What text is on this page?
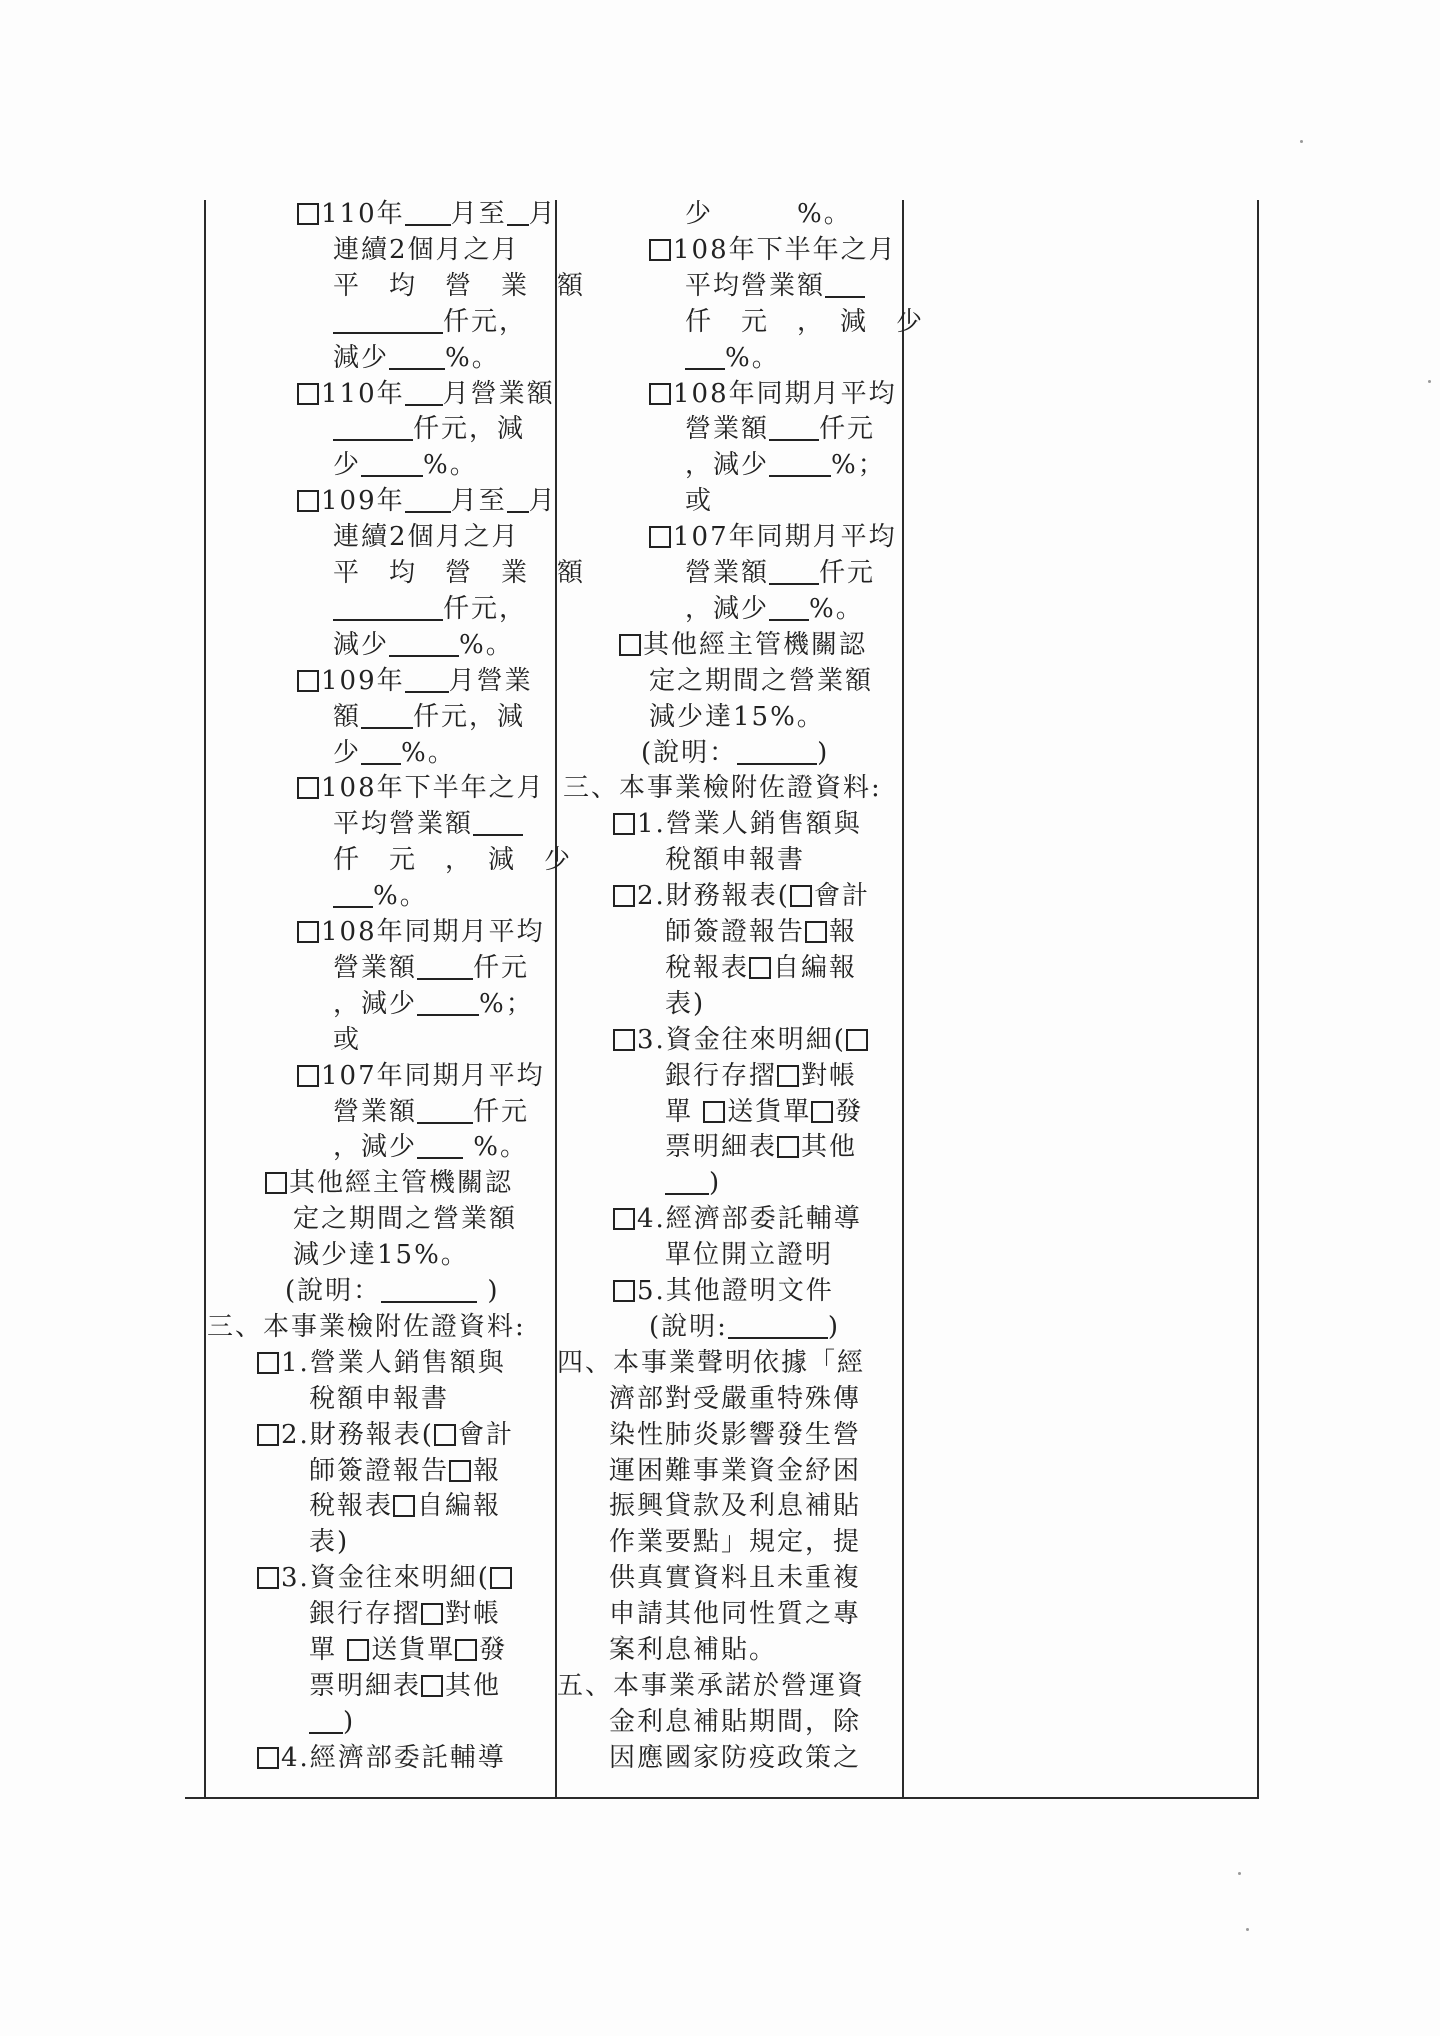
110年 月至 月
連續2個月之月
平　均　營　業　額
仟元，
減少 %。
110年 月營業額
仟元，減
少 %。
109年 月至 月
連續2個月之月
平　均　營　業　額
仟元，
減少	%。
109年 月營業
額 仟元，減
少 %。
108年下半年之月
平均營業額
仟　元　，　減　少
%。
108年同期月平均
營業額 仟元
，減少 %；
或
107年同期月平均
營業額 仟元
，減少 %。
其他經主管機關認
定之期間之營業額
減少達15%。
(說明：	)
三、本事業檢附佐證資料:
1.營業人銷售額與
稅額申報書
2.財務報表( 會計
師簽證報告 報
稅報表 自編報
表)
3.資金往來明細(
銀行存摺 對帳
單 送貨單 發
票明細表 其他
)
4.經濟部委託輔導
少　　　%。
108年下半年之月
平均營業額
仟　元　，　減　少
%。
108年同期月平均
營業額 仟元
，減少 %；
或
107年同期月平均
營業額 仟元
，減少 %。
其他經主管機關認
定之期間之營業額
減少達15%。
(說明：	)
三、本事業檢附佐證資料:
1.營業人銷售額與
稅額申報書
2.財務報表( 會計
師簽證報告 報
稅報表 自編報
表)
3.資金往來明細(
銀行存摺 對帳
單 送貨單 發
票明細表 其他
)
4.經濟部委託輔導
單位開立證明
5.其他證明文件
(說明:	)
四、本事業聲明依據「經
濟部對受嚴重特殊傳
染性肺炎影響發生營
運困難事業資金紓困
振興貸款及利息補貼
作業要點」規定，提
供真實資料且未重複
申請其他同性質之專
案利息補貼。
五、本事業承諾於營運資
金利息補貼期間，除
因應國家防疫政策之
